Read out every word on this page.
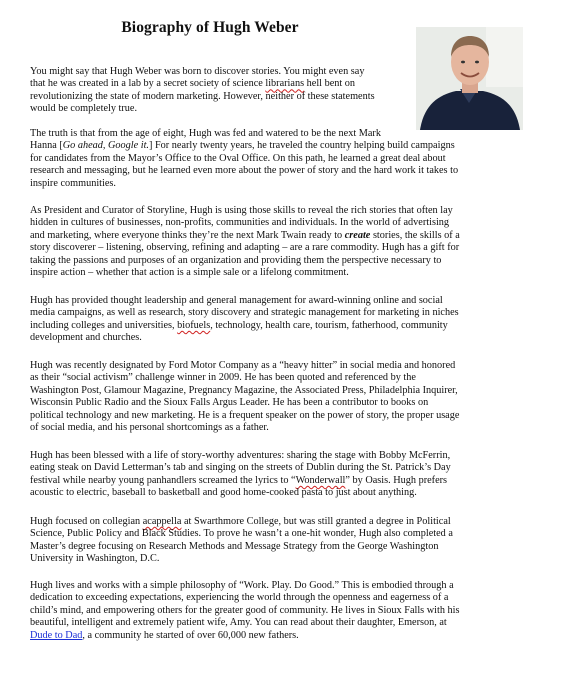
Biography of Hugh Weber
You might say that Hugh Weber was born to discover stories. You might even say
that he was created in a lab by a secret society of science librarians hell bent on
revolutionizing the state of modern marketing. However, neither of these statements
would be completely true.
The truth is that from the age of eight, Hugh was fed and watered to be the next Mark
Hanna [Go ahead, Google it.] For nearly twenty years, he traveled the country helping build campaigns
for candidates from the Mayor’s Office to the Oval Office. On this path, he learned a great deal about
research and messaging, but he learned even more about the power of story and the hard work it takes to
inspire communities.
As President and Curator of Storyline, Hugh is using those skills to reveal the rich stories that often lay
hidden in cultures of businesses, non-profits, communities and individuals. In the world of advertising
and marketing, where everyone thinks they’re the next Mark Twain ready to create stories, the skills of a
story discoverer – listening, observing, refining and adapting – are a rare commodity. Hugh has a gift for
taking the passions and purposes of an organization and providing them the perspective necessary to
inspire action – whether that action is a simple sale or a lifelong commitment.
Hugh has provided thought leadership and general management for award-winning online and social
media campaigns, as well as research, story discovery and strategic management for marketing in niches
including colleges and universities, biofuels, technology, health care, tourism, fatherhood, community
development and churches.
Hugh was recently designated by Ford Motor Company as a “heavy hitter” in social media and honored
as their “social activism” challenge winner in 2009. He has been quoted and referenced by the
Washington Post, Glamour Magazine, Pregnancy Magazine, the Associated Press, Philadelphia Inquirer,
Wisconsin Public Radio and the Sioux Falls Argus Leader. He has been a contributor to books on
political technology and new marketing. He is a frequent speaker on the power of story, the proper usage
of social media, and his personal shortcomings as a father.
Hugh has been blessed with a life of story-worthy adventures: sharing the stage with Bobby McFerrin,
eating steak on David Letterman’s tab and singing on the streets of Dublin during the St. Patrick’s Day
festival while nearby young panhandlers screamed the lyrics to “Wonderwall” by Oasis. Hugh prefers
acoustic to electric, baseball to basketball and good home-cooked pasta to just about anything.
Hugh focused on collegian acappella at Swarthmore College, but was still granted a degree in Political
Science, Public Policy and Black Studies. To prove he wasn’t a one-hit wonder, Hugh also completed a
Master’s degree focusing on Research Methods and Message Strategy from the George Washington
University in Washington, D.C.
Hugh lives and works with a simple philosophy of “Work. Play. Do Good.” This is embodied through a
dedication to exceeding expectations, experiencing the world through the openness and eagerness of a
child’s mind, and empowering others for the greater good of community. He lives in Sioux Falls with his
beautiful, intelligent and extremely patient wife, Amy. You can read about their daughter, Emerson, at
Dude to Dad, a community he started of over 60,000 new fathers.
